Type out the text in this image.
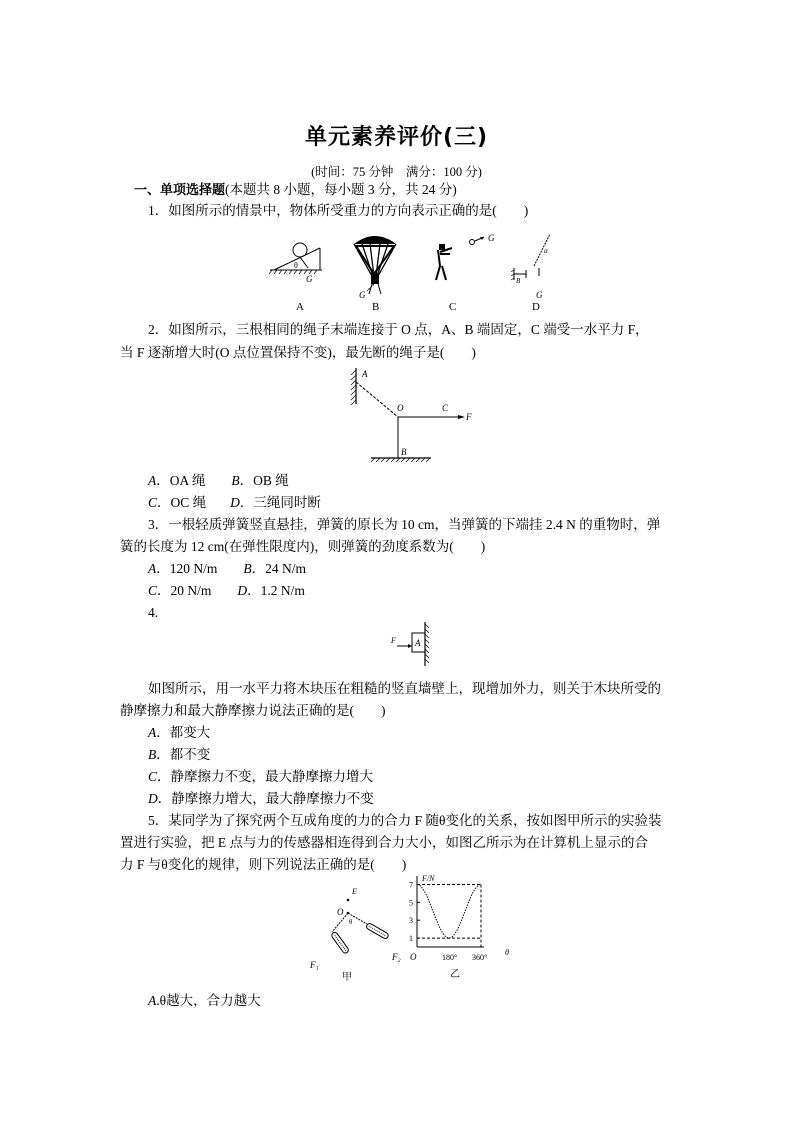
单元素养评价(三)
(时间：75 分钟　满分：100 分)
一、单项选择题(本题共 8 小题，每小题 3 分，共 24 分)
1．如图所示的情景中，物体所受重力的方向表示正确的是(　　)
θ
G
A
G
B
G
C
B
α
G
D
2．如图所示，三根相同的绳子末端连接于 O 点，A、B 端固定，C 端受一水平力 F，
当 F 逐渐增大时(O 点位置保持不变)，最先断的绳子是(　　)
A
O	C
F
B
A．OA 绳 B．OB 绳
C．OC 绳 D．三绳同时断
3．一根轻质弹簧竖直悬挂，弹簧的原长为 10 cm，当弹簧的下端挂 2.4 N 的重物时，弹
簧的长度为 12 cm(在弹性限度内)，则弹簧的劲度系数为(　　)
A．120 N/m B．24 N/m
C．20 N/m D．1.2 N/m
4.
F A
如图所示，用一水平力将木块压在粗糙的竖直墙壁上，现增加外力，则关于木块所受的
静摩擦力和最大静摩擦力说法正确的是(　　)
A．都变大
B．都不变
C．静摩擦力不变，最大静摩擦力增大
D．静摩擦力增大，最大静摩擦力不变
5．某同学为了探究两个互成角度的力的合力 F 随θ变化的关系，按如图甲所示的实验装
置进行实验，把 E 点与力的传感器相连得到合力大小，如图乙所示为在计算机上显示的合
力 F 与θ变化的规律，则下列说法正确的是(　　)
E
O
θ
F₁
F₂
甲
1
3
5
7
F/N
O	180° 360°
θ
乙
A.θ越大，合力越大
